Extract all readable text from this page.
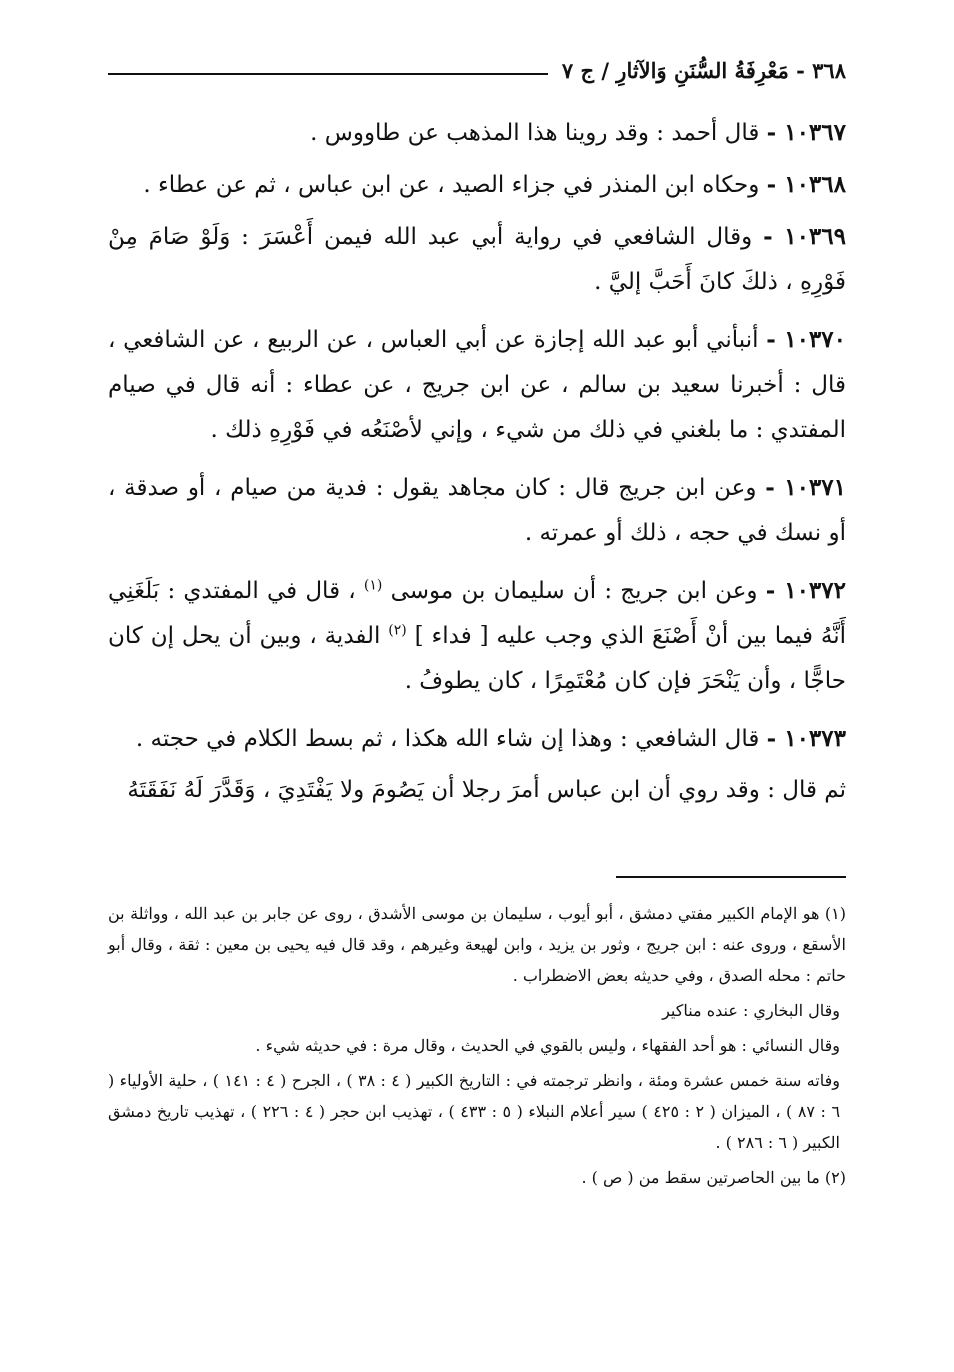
٣٦٨ - مَعْرِفَةُ السُّنَنِ وَالآثارِ / ج ٧

١٠٣٦٧ - قال أحمد : وقد روينا هذا المذهب عن طاووس .

١٠٣٦٨ - وحكاه ابن المنذر في جزاء الصيد ، عن ابن عباس ، ثم عن عطاء .

١٠٣٦٩ - وقال الشافعي في رواية أبي عبد الله فيمن أَعْسَرَ : وَلَوْ صَامَ مِنْ فَوْرِهِ ، ذلكَ كانَ أَحَبَّ إليَّ .

١٠٣٧٠ - أنبأني أبو عبد الله إجازة عن أبي العباس ، عن الربيع ، عن الشافعي ، قال : أخبرنا سعيد بن سالم ، عن ابن جريج ، عن عطاء : أنه قال في صيام المفتدي : ما بلغني في ذلك من شيء ، وإني لأصْنَعُه في فَوْرِهِ ذلك .

١٠٣٧١ - وعن ابن جريج قال : كان مجاهد يقول : فدية من صيام ، أو صدقة ، أو نسك في حجه ، ذلك أو عمرته .

١٠٣٧٢ - وعن ابن جريج : أن سليمان بن موسى $^{(١)}$ ، قال في المفتدي : بَلَغَنِي أَنَّهُ فيما بين أنْ أَصْنَعَ الذي وجب عليه [ فداء ] $^{(٢)}$ الفدية ، وبين أن يحل إن كان حاجًّا ، وأن يَنْحَرَ فإن كان مُعْتَمِرًا ، كان يطوفُ .

١٠٣٧٣ - قال الشافعي : وهذا إن شاء الله هكذا ، ثم بسط الكلام في حجته .

ثم قال : وقد روي أن ابن عباس أمرَ رجلا أن يَصُومَ ولا يَفْتَدِيَ ، وَقَدَّرَ لَهُ نَفَقَتَهُ

(١) هو الإمام الكبير مفتي دمشق ، أبو أيوب ، سليمان بن موسى الأشدق ، روى عن جابر بن عبد الله ، وواثلة بن الأسقع ، وروى عنه : ابن جريج ، وثور بن يزيد ، وابن لهيعة وغيرهم ، وقد قال فيه يحيى بن معين : ثقة ، وقال أبو حاتم : محله الصدق ، وفي حديثه بعض الاضطراب .

وقال البخاري : عنده مناكير

وقال النسائي : هو أحد الفقهاء ، وليس بالقوي في الحديث ، وقال مرة : في حديثه شيء .

وفاته سنة خمس عشرة ومئة ، وانظر ترجمته في : التاريخ الكبير ( ٤ : ٣٨ ) ، الجرح ( ٤ : ١٤١ ) ، حلية الأولياء ( ٦ : ٨٧ ) ، الميزان ( ٢ : ٤٢٥ ) سير أعلام النبلاء ( ٥ : ٤٣٣ ) ، تهذيب ابن حجر ( ٤ : ٢٢٦ ) ، تهذيب تاريخ دمشق الكبير ( ٦ : ٢٨٦ ) .

(٢) ما بين الحاصرتين سقط من ( ص ) .
